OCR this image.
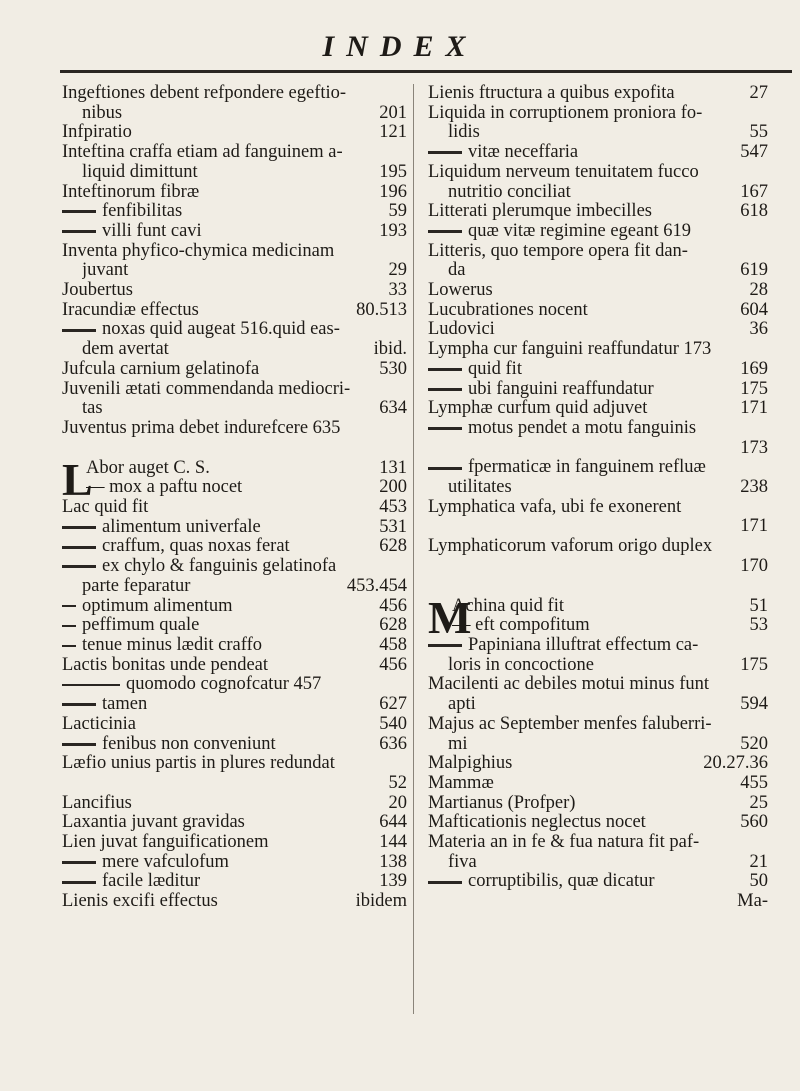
INDEX
Ingeftiones debent refpondere egeftio-
nibus	201
Infpiratio	121
Inteftina craffa etiam ad fanguinem a-
liquid dimittunt	195
Inteftinorum fibræ	196
fenfibilitas	59
villi funt cavi	193
Inventa phyfico-chymica medicinam
juvant	29
Joubertus	33
Iracundiæ effectus	80.513
noxas quid augeat 516.quid eas-
dem avertat	ibid.
Jufcula carnium gelatinofa	530
Juvenili ætati commendanda mediocri-
tas	634
Juventus prima debet indurefcere 635
L
Abor auget C. S.	131
— mox a paftu nocet	200
Lac quid fit	453
alimentum univerfale	531
craffum, quas noxas ferat	628
ex chylo & fanguinis gelatinofa
parte feparatur	453.454
optimum alimentum	456
peffimum quale	628
tenue minus lædit craffo	458
Lactis bonitas unde pendeat	456
quomodo cognofcatur 457
tamen	627
Lacticinia	540
fenibus non conveniunt	636
Læfio unius partis in plures redundat
52
Lancifius	20
Laxantia juvant gravidas	644
Lien juvat fanguificationem	144
mere vafculofum	138
facile læditur	139
Lienis excifi effectus	ibidem
Lienis ftructura a quibus expofita	27
Liquida in corruptionem proniora fo-
lidis	55
vitæ neceffaria	547
Liquidum nerveum tenuitatem fucco
nutritio conciliat	167
Litterati plerumque imbecilles	618
quæ vitæ regimine egeant 619
Litteris, quo tempore opera fit dan-
da	619
Lowerus	28
Lucubrationes nocent	604
Ludovici	36
Lympha cur fanguini reaffundatur 173
quid fit	169
ubi fanguini reaffundatur	175
Lymphæ curfum quid adjuvet	171
motus pendet a motu fanguinis
173
fpermaticæ in fanguinem refluæ
utilitates	238
Lymphatica vafa, ubi fe exonerent
171
Lymphaticorum vaforum origo duplex
170
M
Achina quid fit	51
— eft compofitum	53
Papiniana illuftrat effectum ca-
loris in concoctione	175
Macilenti ac debiles motui minus funt
apti	594
Majus ac September menfes faluberri-
mi	520
Malpighius	20.27.36
Mammæ	455
Martianus (Profper)	25
Mafticationis neglectus nocet	560
Materia an in fe & fua natura fit paf-
fiva	21
corruptibilis, quæ dicatur	50
Ma-
